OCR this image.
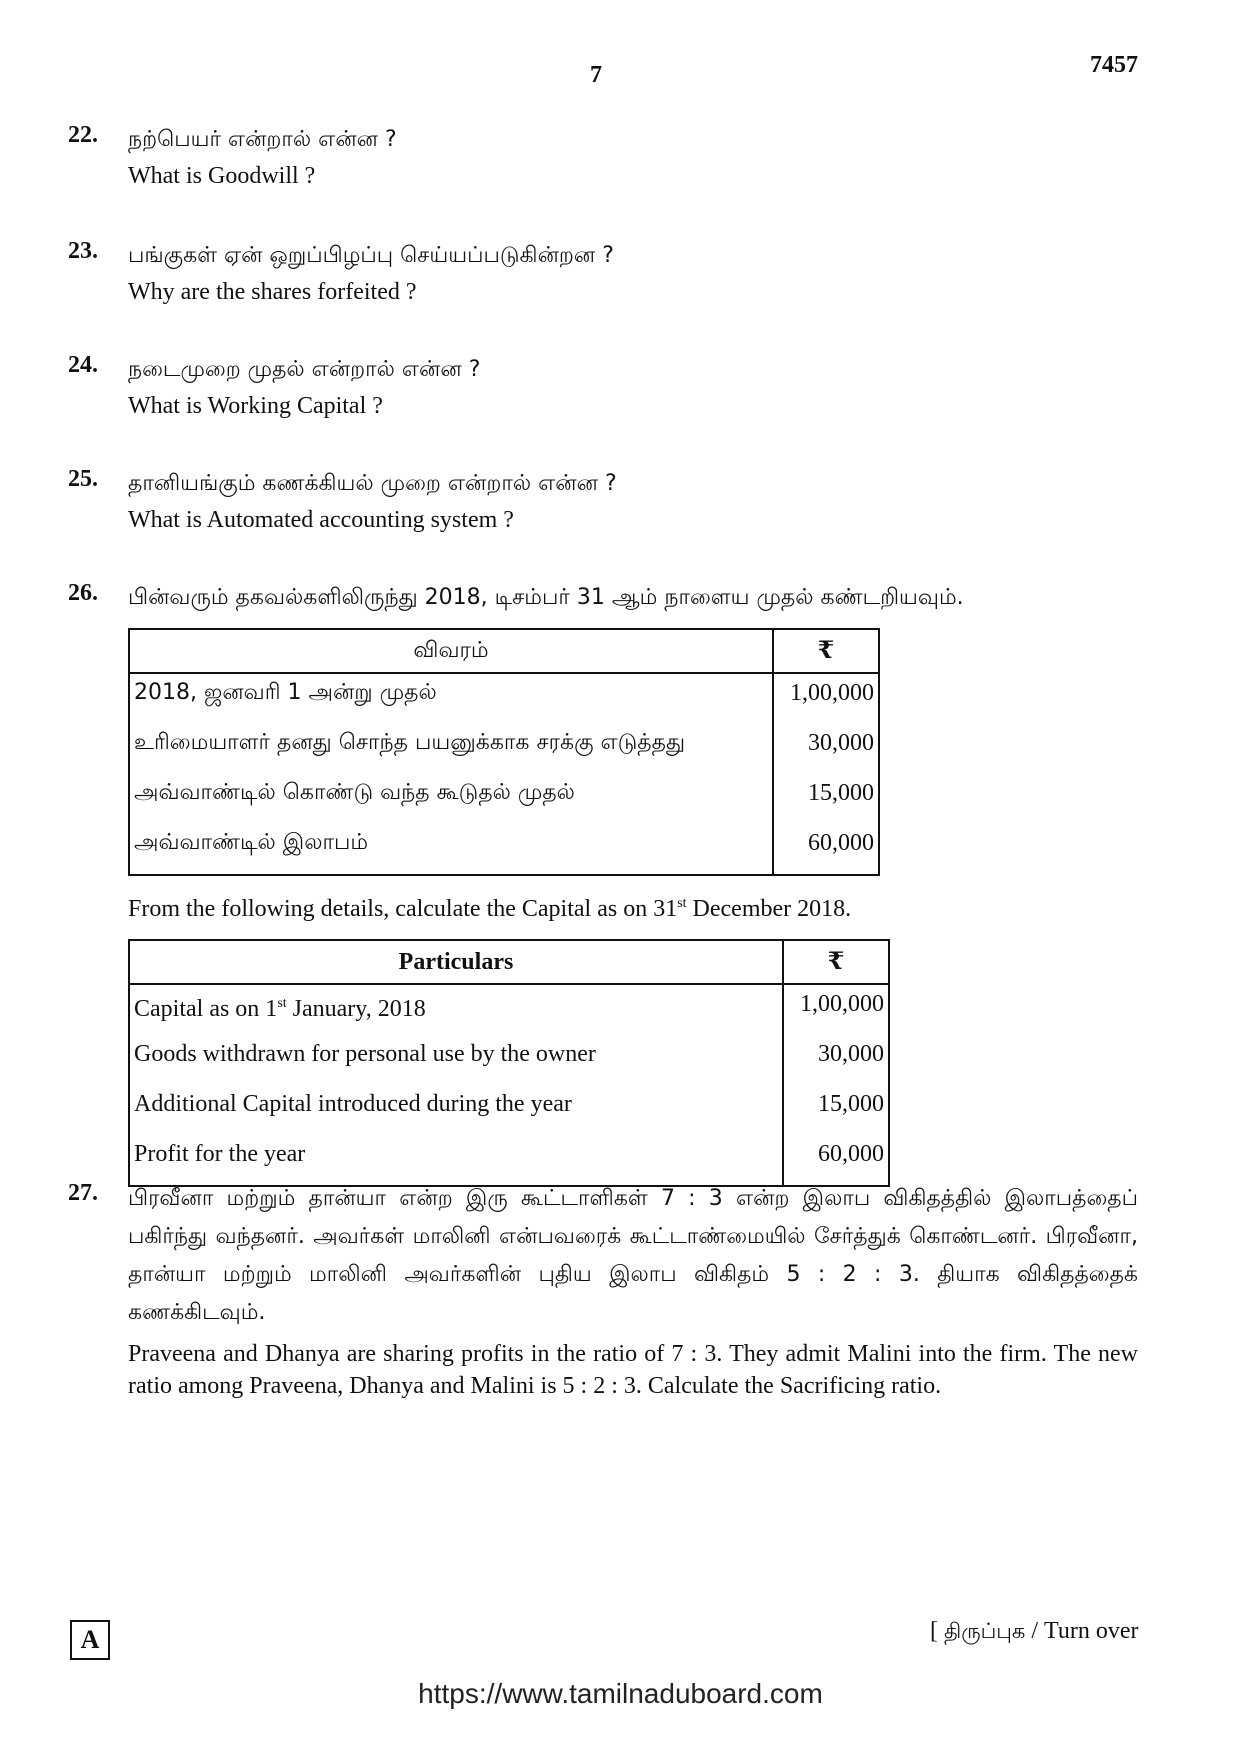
7	7457
22. நற்பெயர் என்றால் என்ன ?
What is Goodwill ?
23. பங்குகள் ஏன் ஒறுப்பிழப்பு செய்யப்படுகின்றன ?
Why are the shares forfeited ?
24. நடைமுறை முதல் என்றால் என்ன ?
What is Working Capital ?
25. தானியங்கும் கணக்கியல் முறை என்றால் என்ன ?
What is Automated accounting system ?
26. பின்வரும் தகவல்களிலிருந்து 2018, டிசம்பர் 31 ஆம் நாளைய முதல் கண்டறியவும்.
விவரம்	₹
2018, ஜனவரி 1 அன்று முதல்	1,00,000
உரிமையாளர் தனது சொந்த பயனுக்காக சரக்கு எடுத்தது	30,000
அவ்வாண்டில் கொண்டு வந்த கூடுதல் முதல்	15,000
அவ்வாண்டில் இலாபம்	60,000
From the following details, calculate the Capital as on 31st December 2018.
Particulars	₹
Capital as on 1st January, 2018	1,00,000
Goods withdrawn for personal use by the owner	30,000
Additional Capital introduced during the year	15,000
Profit for the year	60,000
27. பிரவீனா மற்றும் தான்யா என்ற இரு கூட்டாளிகள் 7 : 3 என்ற இலாப விகிதத்தில் இலாபத்தைப் பகிர்ந்து வந்தனர். அவர்கள் மாலினி என்பவரைக் கூட்டாண்மையில் சேர்த்துக் கொண்டனர். பிரவீனா, தான்யா மற்றும் மாலினி அவர்களின் புதிய இலாப விகிதம் 5 : 2 : 3. தியாக விகிதத்தைக் கணக்கிடவும்.
Praveena and Dhanya are sharing profits in the ratio of 7 : 3. They admit Malini into the firm. The new ratio among Praveena, Dhanya and Malini is 5 : 2 : 3. Calculate the Sacrificing ratio.
A	[ திருப்புக / Turn over
https://www.tamilnaduboard.com
